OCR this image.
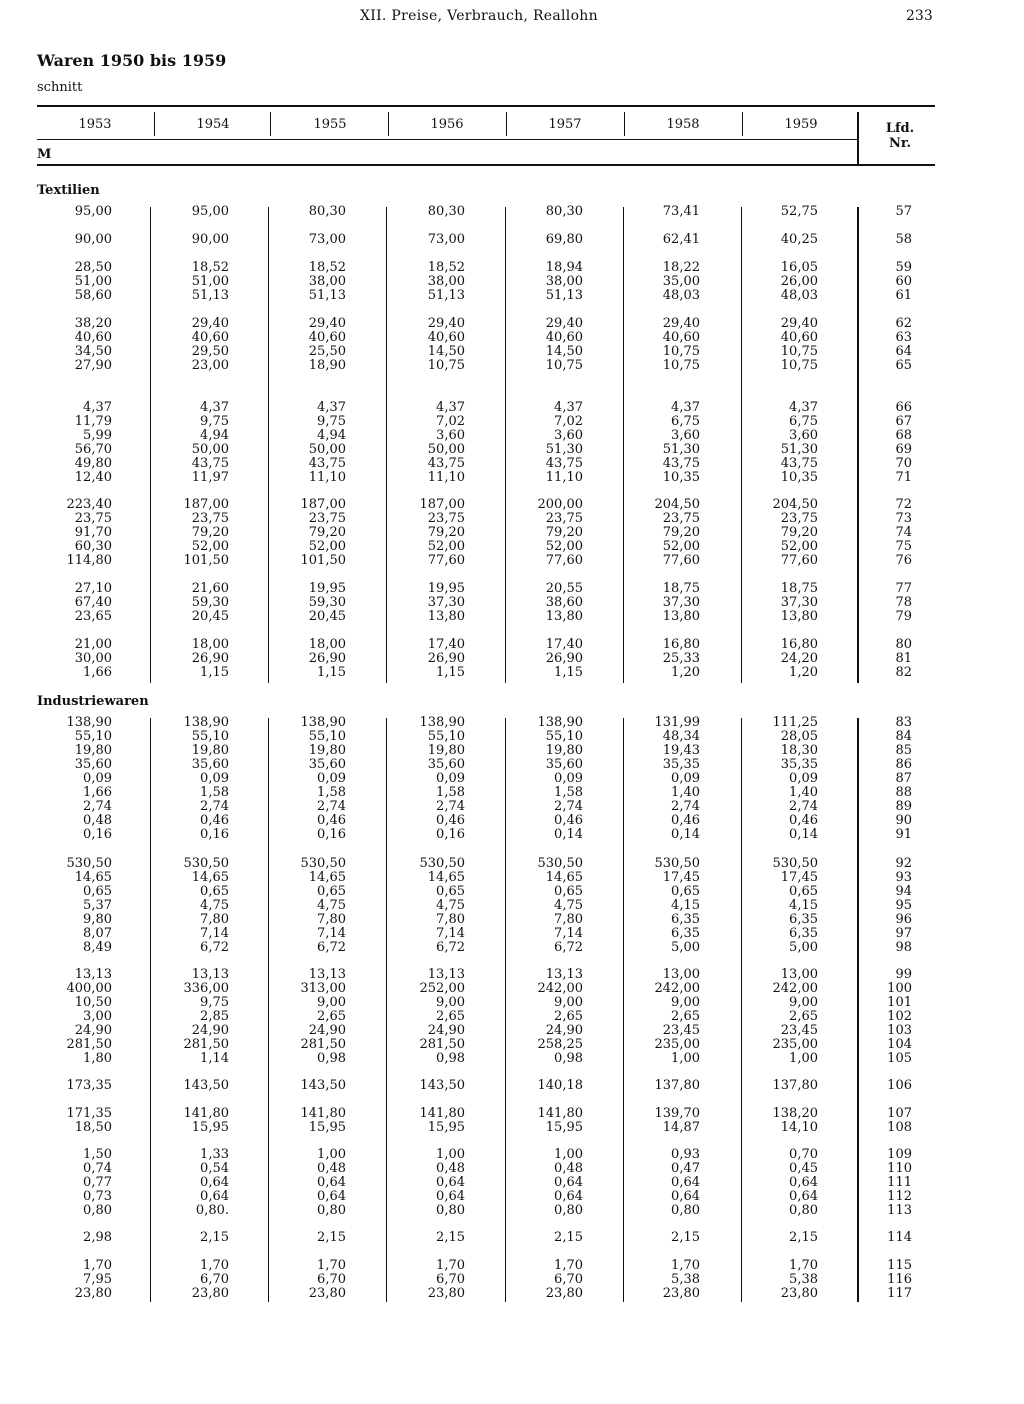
XII. Preise, Verbrauch, Reallohn	233
Waren 1950 bis 1959
schnitt
1953	1954	1955	1956	1957	1958	1959	Lfd.
Nr.
M
Textilien
Industriewaren
95,00	95,00	80,30	80,30	80,30	73,41	52,75	57
90,00	90,00	73,00	73,00	69,80	62,41	40,25	58
28,50	18,52	18,52	18,52	18,94	18,22	16,05	59
51,00	51,00	38,00	38,00	38,00	35,00	26,00	60
58,60	51,13	51,13	51,13	51,13	48,03	48,03	61
38,20	29,40	29,40	29,40	29,40	29,40	29,40	62
40,60	40,60	40,60	40,60	40,60	40,60	40,60	63
34,50	29,50	25,50	14,50	14,50	10,75	10,75	64
27,90	23,00	18,90	10,75	10,75	10,75	10,75	65
4,37	4,37	4,37	4,37	4,37	4,37	4,37	66
11,79	9,75	9,75	7,02	7,02	6,75	6,75	67
5,99	4,94	4,94	3,60	3,60	3,60	3,60	68
56,70	50,00	50,00	50,00	51,30	51,30	51,30	69
49,80	43,75	43,75	43,75	43,75	43,75	43,75	70
12,40	11,97	11,10	11,10	11,10	10,35	10,35	71
223,40	187,00	187,00	187,00	200,00	204,50	204,50	72
23,75	23,75	23,75	23,75	23,75	23,75	23,75	73
91,70	79,20	79,20	79,20	79,20	79,20	79,20	74
60,30	52,00	52,00	52,00	52,00	52,00	52,00	75
114,80	101,50	101,50	77,60	77,60	77,60	77,60	76
27,10	21,60	19,95	19,95	20,55	18,75	18,75	77
67,40	59,30	59,30	37,30	38,60	37,30	37,30	78
23,65	20,45	20,45	13,80	13,80	13,80	13,80	79
21,00	18,00	18,00	17,40	17,40	16,80	16,80	80
30,00	26,90	26,90	26,90	26,90	25,33	24,20	81
1,66	1,15	1,15	1,15	1,15	1,20	1,20	82
138,90	138,90	138,90	138,90	138,90	131,99	111,25	83
55,10	55,10	55,10	55,10	55,10	48,34	28,05	84
19,80	19,80	19,80	19,80	19,80	19,43	18,30	85
35,60	35,60	35,60	35,60	35,60	35,35	35,35	86
0,09	0,09	0,09	0,09	0,09	0,09	0,09	87
1,66	1,58	1,58	1,58	1,58	1,40	1,40	88
2,74	2,74	2,74	2,74	2,74	2,74	2,74	89
0,48	0,46	0,46	0,46	0,46	0,46	0,46	90
0,16	0,16	0,16	0,16	0,14	0,14	0,14	91
530,50	530,50	530,50	530,50	530,50	530,50	530,50	92
14,65	14,65	14,65	14,65	14,65	17,45	17,45	93
0,65	0,65	0,65	0,65	0,65	0,65	0,65	94
5,37	4,75	4,75	4,75	4,75	4,15	4,15	95
9,80	7,80	7,80	7,80	7,80	6,35	6,35	96
8,07	7,14	7,14	7,14	7,14	6,35	6,35	97
8,49	6,72	6,72	6,72	6,72	5,00	5,00	98
13,13	13,13	13,13	13,13	13,13	13,00	13,00	99
400,00	336,00	313,00	252,00	242,00	242,00	242,00	100
10,50	9,75	9,00	9,00	9,00	9,00	9,00	101
3,00	2,85	2,65	2,65	2,65	2,65	2,65	102
24,90	24,90	24,90	24,90	24,90	23,45	23,45	103
281,50	281,50	281,50	281,50	258,25	235,00	235,00	104
1,80	1,14	0,98	0,98	0,98	1,00	1,00	105
173,35	143,50	143,50	143,50	140,18	137,80	137,80	106
171,35	141,80	141,80	141,80	141,80	139,70	138,20	107
18,50	15,95	15,95	15,95	15,95	14,87	14,10	108
1,50	1,33	1,00	1,00	1,00	0,93	0,70	109
0,74	0,54	0,48	0,48	0,48	0,47	0,45	110
0,77	0,64	0,64	0,64	0,64	0,64	0,64	111
0,73	0,64	0,64	0,64	0,64	0,64	0,64	112
0,80	0,80.	0,80	0,80	0,80	0,80	0,80	113
2,98	2,15	2,15	2,15	2,15	2,15	2,15	114
1,70	1,70	1,70	1,70	1,70	1,70	1,70	115
7,95	6,70	6,70	6,70	6,70	5,38	5,38	116
23,80	23,80	23,80	23,80	23,80	23,80	23,80	117
